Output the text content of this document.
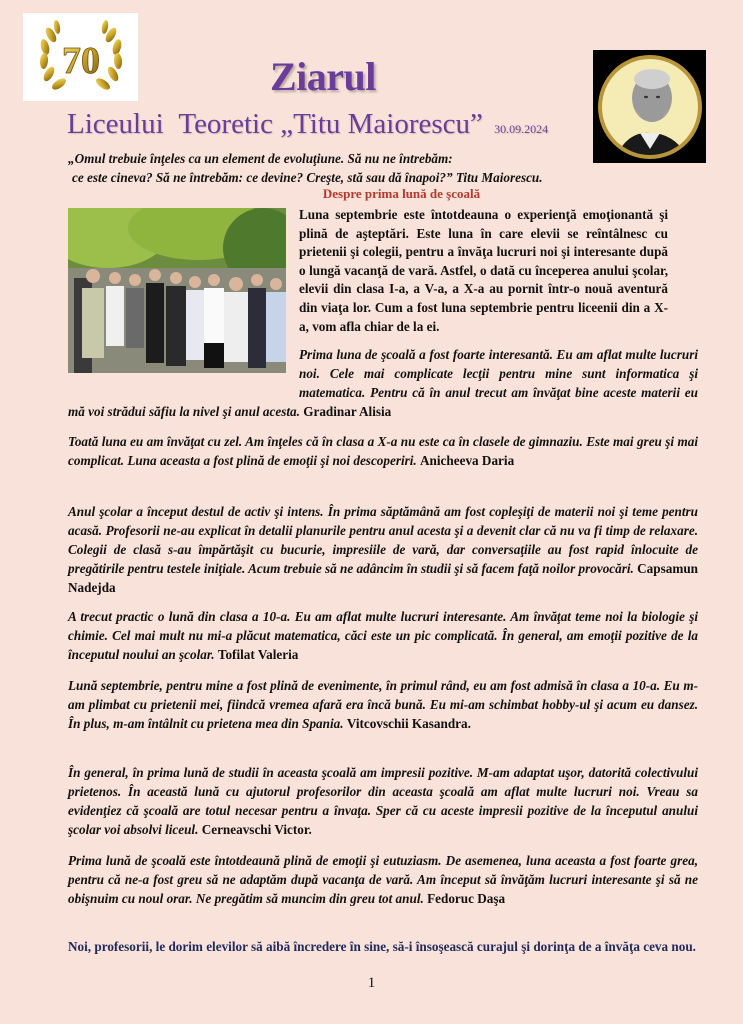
70	Ziarul
Liceului Teoretic „Titu Maiorescu” 30.09.2024
„Omul trebuie înţeles ca un element de evoluţiune. Să nu ne întrebăm:
ce este cineva? Să ne întrebăm: ce devine? Creşte, stă sau dă înapoi?” Titu Maiorescu.
Despre prima lună de şcoală
Luna septembrie este întotdeauna o experienţă emoţionantă şi plină de aşteptări. Este luna în care elevii se reîntâlnesc cu prietenii şi colegii, pentru a învăţa lucruri noi şi interesante după o lungă vacanţă de vară. Astfel, o dată cu începerea anului şcolar, elevii din clasa I-a, a V-a, a X-a au pornit într-o nouă aventură din viaţa lor. Cum a fost luna septembrie pentru liceenii din a X-a, vom afla chiar de la ei.
Prima luna de şcoală a fost foarte interesantă. Eu am aflat multe lucruri noi. Cele mai complicate lecţii pentru mine sunt informatica şi matematica. Pentru că în anul trecut am învăţat bine aceste materii eu mă voi strădui săfiu la nivel şi anul acesta. Gradinar Alisia
Toată luna eu am învăţat cu zel. Am înţeles că în clasa a X-a nu este ca în clasele de gimnaziu. Este mai greu şi mai complicat. Luna aceasta a fost plină de emoţii şi noi descoperiri. Anicheeva Daria
Anul şcolar a început destul de activ şi intens. În prima săptămână am fost copleşiţi de materii noi şi teme pentru acasă. Profesorii ne-au explicat în detalii planurile pentru anul acesta şi a devenit clar că nu va fi timp de relaxare. Colegii de clasă s-au împărtăşit cu bucurie, impresiile de vară, dar conversaţiile au fost rapid înlocuite de pregătirile pentru testele iniţiale. Acum trebuie să ne adâncim în studii şi să facem faţă noilor provocări. Capsamun Nadejda
A trecut practic o lună din clasa a 10-a. Eu am aflat multe lucruri interesante. Am învăţat teme noi la biologie şi chimie. Cel mai mult nu mi-a plăcut matematica, căci este un pic complicată. În general, am emoţii pozitive de la începutul noului an şcolar. Tofilat Valeria
Lună septembrie, pentru mine a fost plină de evenimente, în primul rând, eu am fost admisă în clasa a 10-a. Eu m-am plimbat cu prietenii mei, fiindcă vremea afară era încă bună. Eu mi-am schimbat hobby-ul şi acum eu dansez. În plus, m-am întâlnit cu prietena mea din Spania. Vitcovschii Kasandra.
În general, în prima lună de studii în aceasta şcoală am impresii pozitive. M-am adaptat uşor, datorită colectivului prietenos. În această lună cu ajutorul profesorilor din aceasta şcoală am aflat multe lucruri noi. Vreau sa evidenţiez că şcoală are totul necesar pentru a învaţa. Sper că cu aceste impresii pozitive de la începutul anului şcolar voi absolvi liceul. Cerneavschi Victor.
Prima lună de şcoală este întotdeaună plină de emoţii şi eutuziasm. De asemenea, luna aceasta a fost foarte grea, pentru că ne-a fost greu să ne adaptăm după vacanţa de vară. Am început să învăţăm lucruri interesante şi să ne obişnuim cu noul orar. Ne pregătim să muncim din greu tot anul. Fedoruc Daşa
Noi, profesorii, le dorim elevilor să aibă încredere în sine, să-i însoşească curajul şi dorinţa de a învăţa ceva nou.
1
